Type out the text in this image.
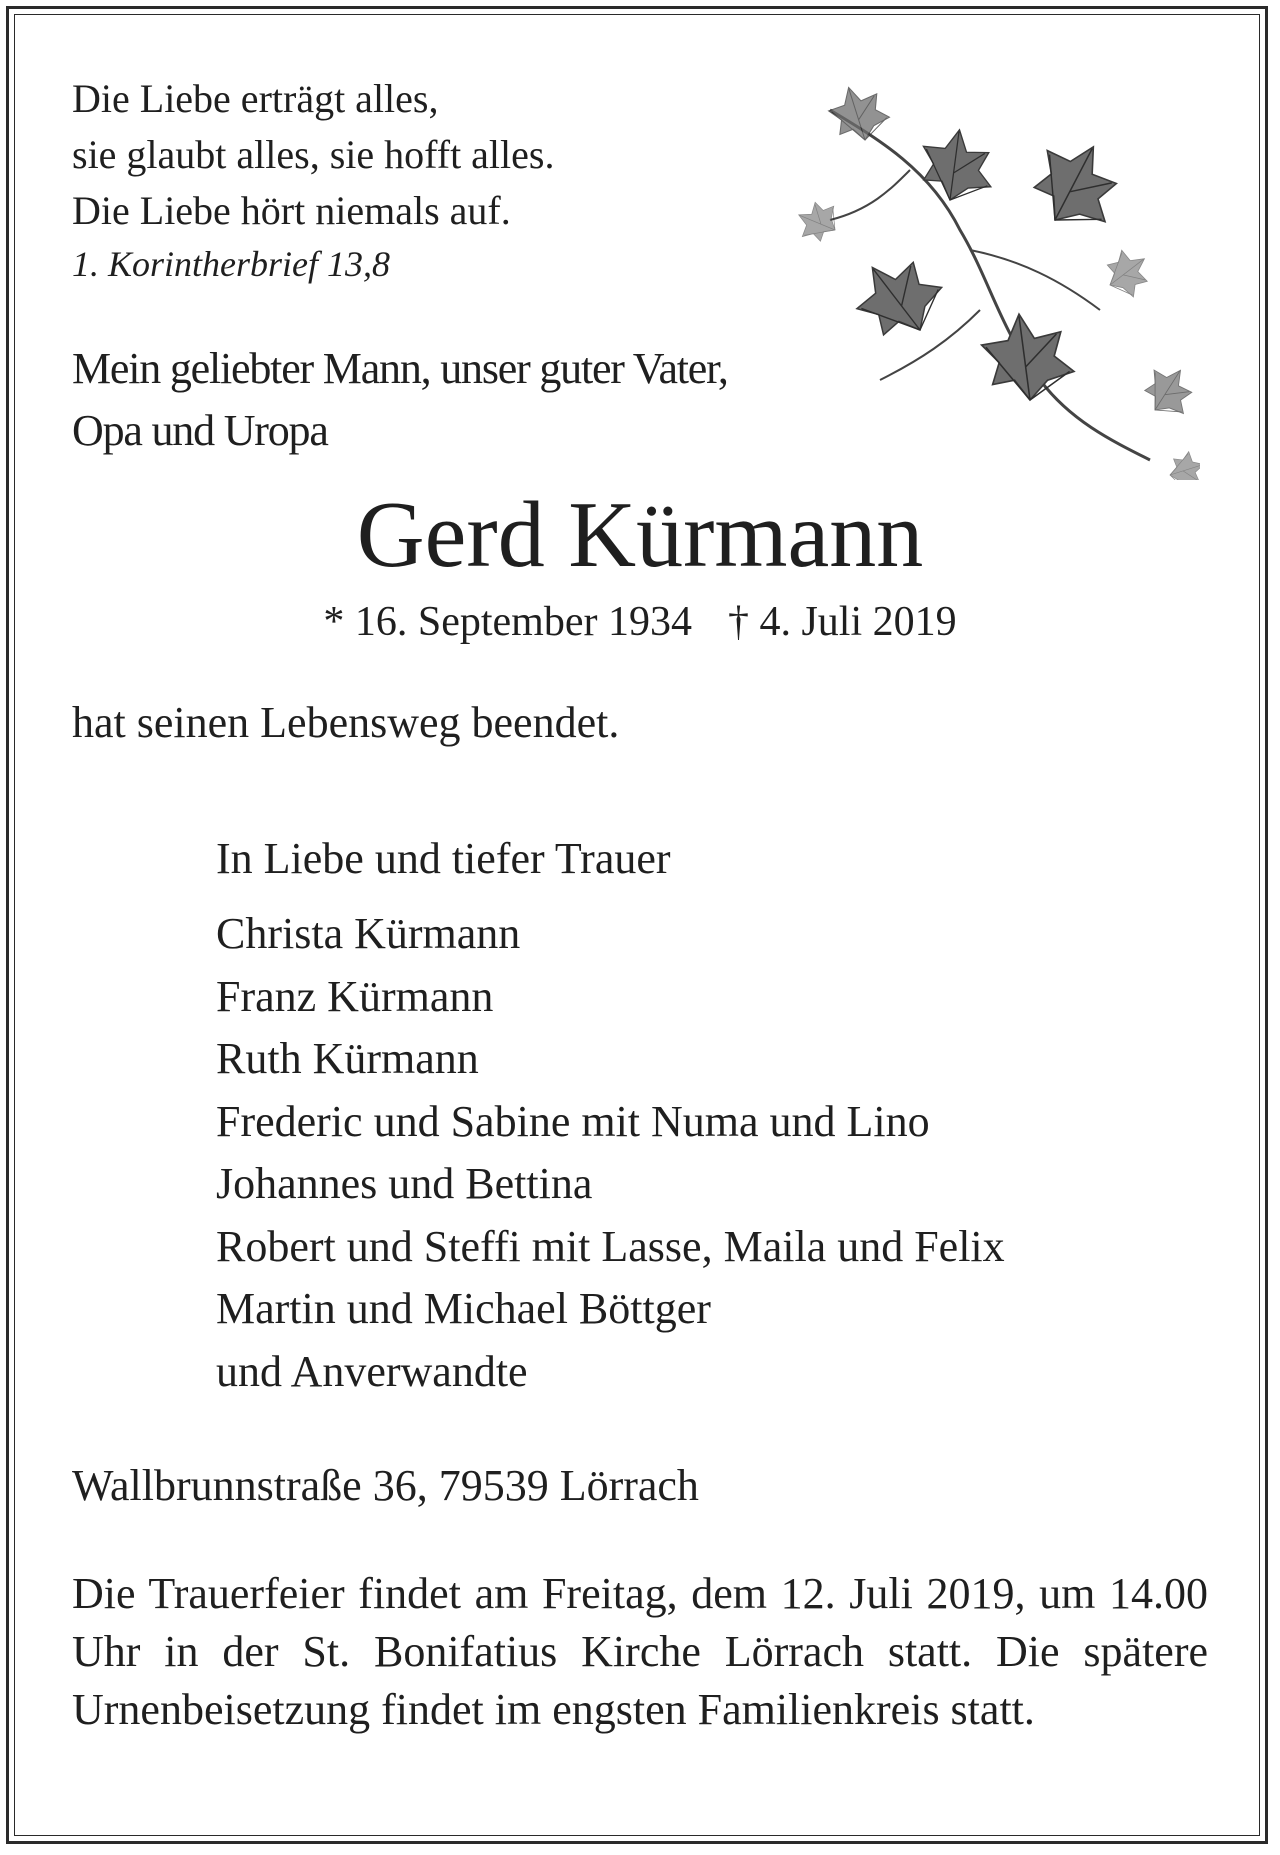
Die Liebe erträgt alles,
sie glaubt alles, sie hofft alles.
Die Liebe hört niemals auf.
1. Korintherbrief 13,8
Mein geliebter Mann, unser guter Vater,
Opa und Uropa
Gerd Kürmann
* 16. September 1934 † 4. Juli 2019
hat seinen Lebensweg beendet.
In Liebe und tiefer Trauer
Christa Kürmann
Franz Kürmann
Ruth Kürmann
Frederic und Sabine mit Numa und Lino
Johannes und Bettina
Robert und Steffi mit Lasse, Maila und Felix
Martin und Michael Böttger
und Anverwandte
Wallbrunnstraße 36, 79539 Lörrach

Die Trauerfeier findet am Freitag, dem 12. Juli 2019, um 14.00 Uhr in der St. Bonifatius Kirche Lörrach statt. Die spätere Urnenbeisetzung findet im engsten Familienkreis statt.
